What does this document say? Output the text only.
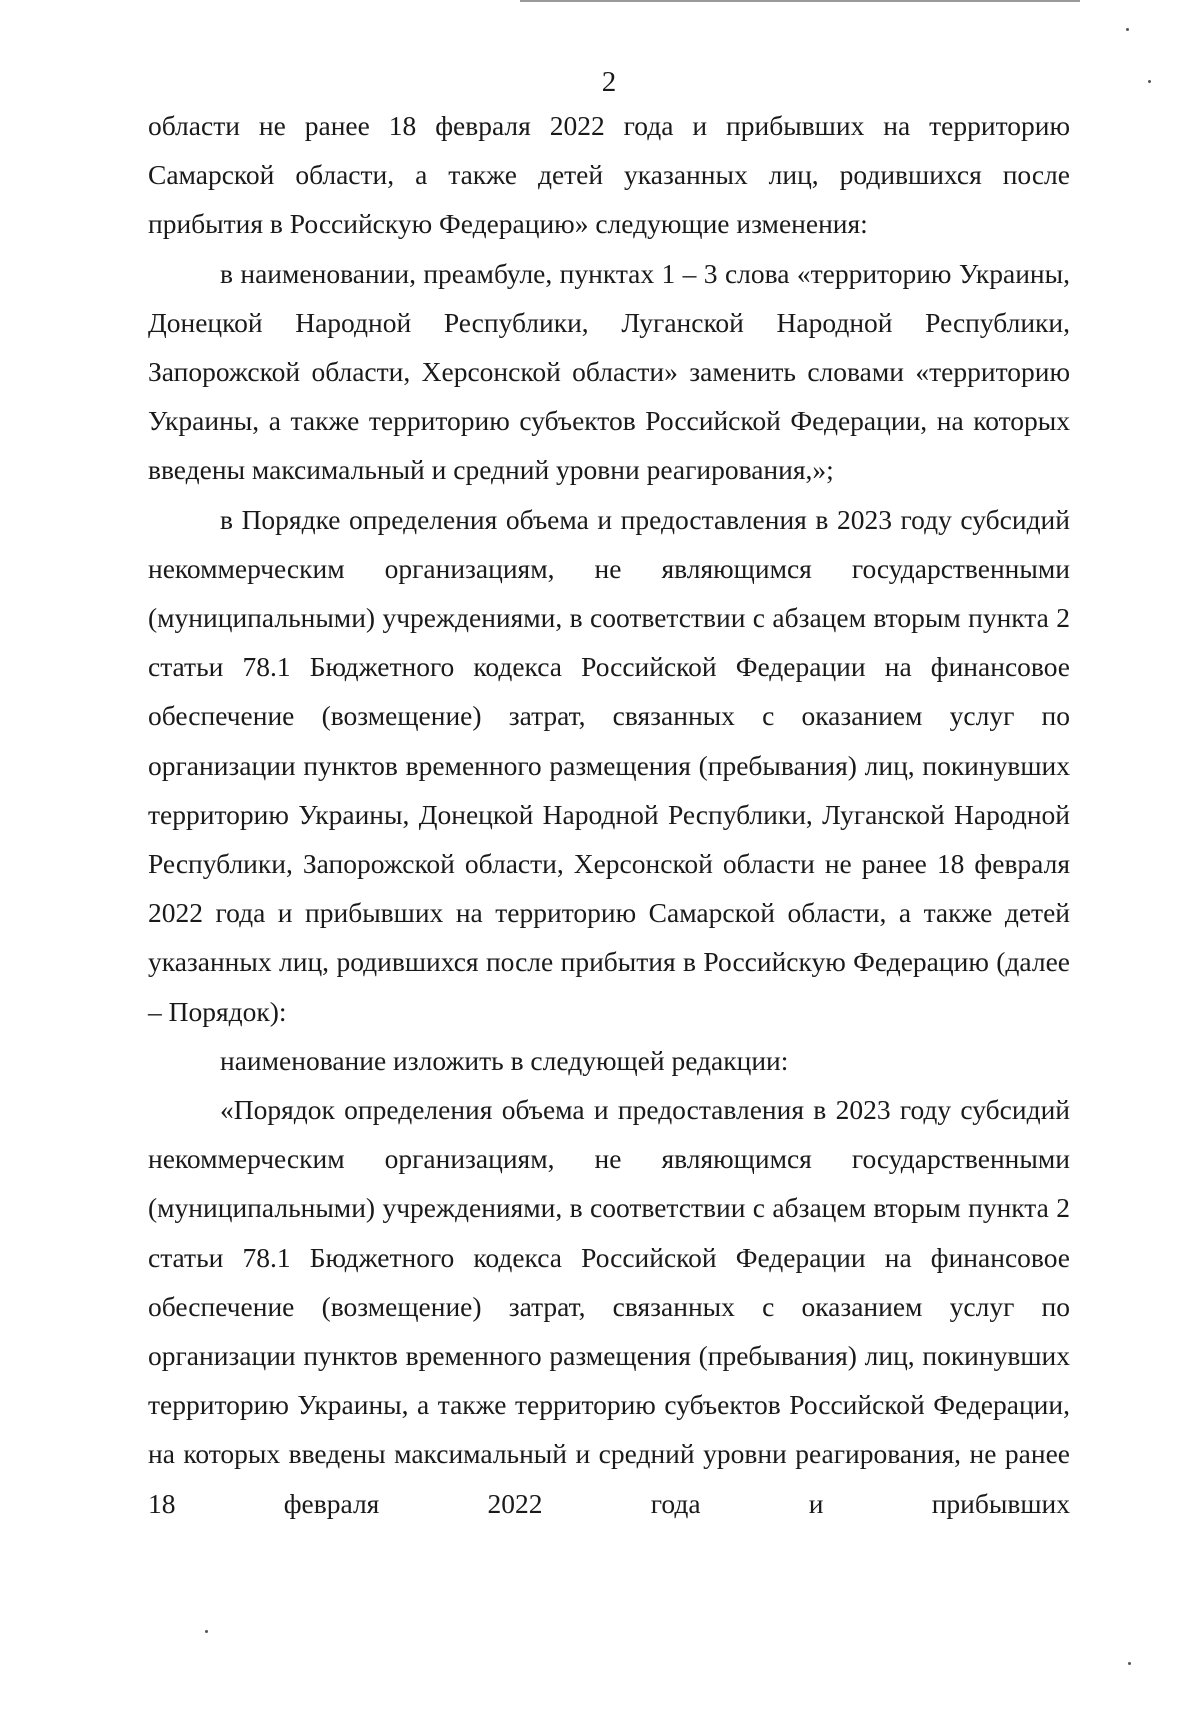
2

области не ранее 18 февраля 2022 года и прибывших на территорию Самарской области, а также детей указанных лиц, родившихся после прибытия в Российскую Федерацию» следующие изменения:

в наименовании, преамбуле, пунктах 1 – 3 слова «территорию Украины, Донецкой Народной Республики, Луганской Народной Республики, Запорожской области, Херсонской области» заменить словами «территорию Украины, а также территорию субъектов Российской Федерации, на которых введены максимальный и средний уровни реагирования,»;

в Порядке определения объема и предоставления в 2023 году субсидий некоммерческим организациям, не являющимся государственными (муниципальными) учреждениями, в соответствии с абзацем вторым пункта 2 статьи 78.1 Бюджетного кодекса Российской Федерации на финансовое обеспечение (возмещение) затрат, связанных с оказанием услуг по организации пунктов временного размещения (пребывания) лиц, покинувших территорию Украины, Донецкой Народной Республики, Луганской Народной Республики, Запорожской области, Херсонской области не ранее 18 февраля 2022 года и прибывших на территорию Самарской области, а также детей указанных лиц, родившихся после прибытия в Российскую Федерацию (далее – Порядок):

наименование изложить в следующей редакции:

«Порядок определения объема и предоставления в 2023 году субсидий некоммерческим организациям, не являющимся государственными (муниципальными) учреждениями, в соответствии с абзацем вторым пункта 2 статьи 78.1 Бюджетного кодекса Российской Федерации на финансовое обеспечение (возмещение) затрат, связанных с оказанием услуг по организации пунктов временного размещения (пребывания) лиц, покинувших территорию Украины, а также территорию субъектов Российской Федерации, на которых введены максимальный и средний уровни реагирования, не ранее 18 февраля 2022 года и прибывших
